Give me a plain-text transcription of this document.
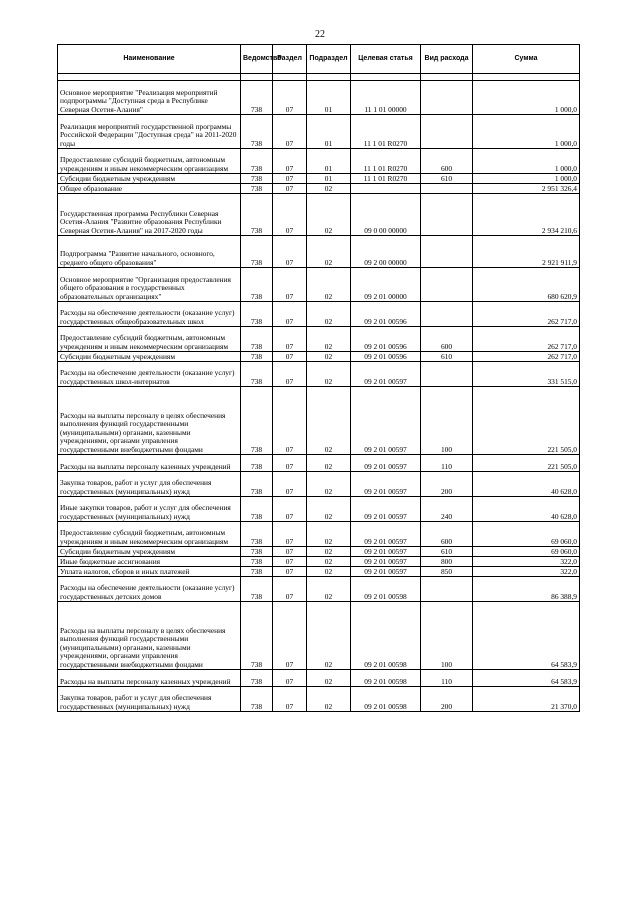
22
Наименование	Ведомство	Раздел	Подраздел	Целевая статья	Вид расхода	Сумма

Основное мероприятие "Реализация мероприятий подпрограммы "Доступная среда в Республике Северная Осетия-Алания"	738	07	01	11 1 01 00000		1 000,0
Реализация мероприятий государственной программы Российской Федерации "Доступная среда" на 2011-2020 годы	738	07	01	11 1 01 R0270		1 000,0
Предоставление субсидий бюджетным, автономным учреждениям и иным некоммерческим организациям	738	07	01	11 1 01 R0270	600	1 000,0
Субсидии бюджетным учреждениям	738	07	01	11 1 01 R0270	610	1 000,0
Общее образование	738	07	02			2 951 326,4
Государственная программа Республики Северная Осетия-Алания "Развитие образования Республики Северная Осетия-Алания" на 2017-2020 годы	738	07	02	09 0 00 00000		2 934 210,6
Подпрограмма "Развитие начального, основного, среднего общего образования"	738	07	02	09 2 00 00000		2 921 911,9
Основное мероприятие "Организация предоставления общего образования в государственных образовательных организациях"	738	07	02	09 2 01 00000		680 620,9
Расходы на обеспечение деятельности (оказание услуг) государственных общеобразовательных школ	738	07	02	09 2 01 00596		262 717,0
Предоставление субсидий бюджетным, автономным учреждениям и иным некоммерческим организациям	738	07	02	09 2 01 00596	600	262 717,0
Субсидии бюджетным учреждениям	738	07	02	09 2 01 00596	610	262 717,0
Расходы на обеспечение деятельности (оказание услуг) государственных школ-интернатов	738	07	02	09 2 01 00597		331 515,0
Расходы на выплаты персоналу в целях обеспечения выполнения функций государственными (муниципальными) органами, казенными учреждениями, органами управления государственными внебюджетными фондами	738	07	02	09 2 01 00597	100	221 505,0
Расходы на выплаты персоналу казенных учреждений	738	07	02	09 2 01 00597	110	221 505,0
Закупка товаров, работ и услуг для обеспечения государственных (муниципальных) нужд	738	07	02	09 2 01 00597	200	40 628,0
Иные закупки товаров, работ и услуг для обеспечения государственных (муниципальных) нужд	738	07	02	09 2 01 00597	240	40 628,0
Предоставление субсидий бюджетным, автономным учреждениям и иным некоммерческим организациям	738	07	02	09 2 01 00597	600	69 060,0
Субсидии бюджетным учреждениям	738	07	02	09 2 01 00597	610	69 060,0
Иные бюджетные ассигнования	738	07	02	09 2 01 00597	800	322,0
Уплата налогов, сборов и иных платежей	738	07	02	09 2 01 00597	850	322,0
Расходы на обеспечение деятельности (оказание услуг) государственных детских домов	738	07	02	09 2 01 00598		86 388,9
Расходы на выплаты персоналу в целях обеспечения выполнения функций государственными (муниципальными) органами, казенными учреждениями, органами управления государственными внебюджетными фондами	738	07	02	09 2 01 00598	100	64 583,9
Расходы на выплаты персоналу казенных учреждений	738	07	02	09 2 01 00598	110	64 583,9
Закупка товаров, работ и услуг для обеспечения государственных (муниципальных) нужд	738	07	02	09 2 01 00598	200	21 370,0
